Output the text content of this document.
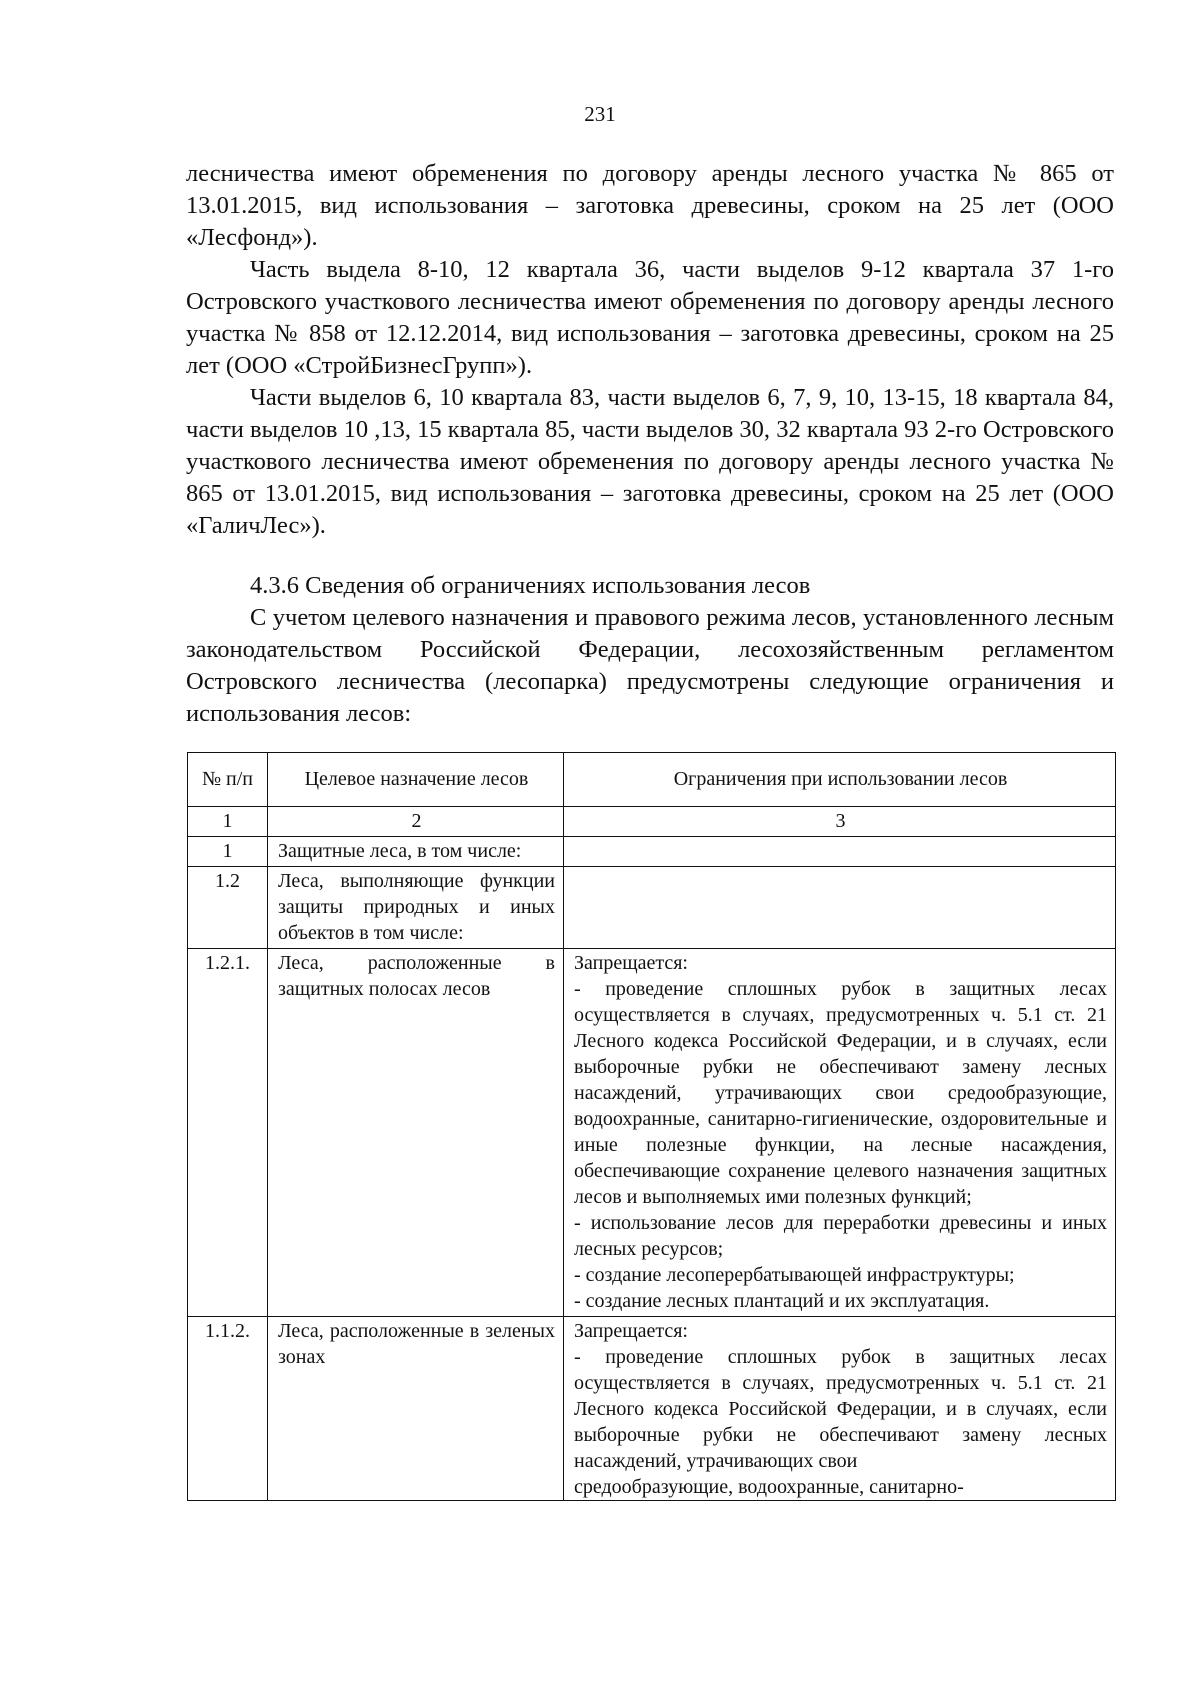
231

лесничества имеют обременения по договору аренды лесного участка № 865 от 13.01.2015, вид использования – заготовка древесины, сроком на 25 лет (ООО «Лесфонд»).

Часть выдела 8-10, 12 квартала 36, части выделов 9-12 квартала 37 1-го Островского участкового лесничества имеют обременения по договору аренды лесного участка № 858 от 12.12.2014, вид использования – заготовка древесины, сроком на 25 лет (ООО «СтройБизнесГрупп»).

Части выделов 6, 10 квартала 83, части выделов 6, 7, 9, 10, 13-15, 18 квартала 84, части выделов 10 ,13, 15 квартала 85, части выделов 30, 32 квартала 93 2-го Островского участкового лесничества имеют обременения по договору аренды лесного участка № 865 от 13.01.2015, вид использования – заготовка древесины, сроком на 25 лет (ООО «ГаличЛес»).

4.3.6 Сведения об ограничениях использования лесов

С учетом целевого назначения и правового режима лесов, установленного лесным законодательством Российской Федерации, лесохозяйственным регламентом Островского лесничества (лесопарка) предусмотрены следующие ограничения и использования лесов:

№ п/п	Целевое назначение лесов	Ограничения при использовании лесов
1	2	3
1	Защитные леса, в том числе:	
1.2	Леса, выполняющие функции защиты природных и иных объектов в том числе:	
1.2.1.	Леса, расположенные в защитных полосах лесов	Запрещается:
- проведение сплошных рубок в защитных лесах осуществляется в случаях, предусмотренных ч. 5.1 ст. 21 Лесного кодекса Российской Федерации, и в случаях, если выборочные рубки не обеспечивают замену лесных насаждений, утрачивающих свои средообразующие, водоохранные, санитарно-гигиенические, оздоровительные и иные полезные функции, на лесные насаждения, обеспечивающие сохранение целевого назначения защитных лесов и выполняемых ими полезных функций;
- использование лесов для переработки древесины и иных лесных ресурсов;
- создание лесоперербатывающей инфраструктуры;
- создание лесных плантаций и их эксплуатация.

1.1.2.	Леса, расположенные в зеленых зонах	Запрещается:
- проведение сплошных рубок в защитных лесах осуществляется в случаях, предусмотренных ч. 5.1 ст. 21 Лесного кодекса Российской Федерации, и в случаях, если выборочные рубки не обеспечивают замену лесных насаждений, утрачивающих свои
средообразующие, водоохранные, санитарно-
